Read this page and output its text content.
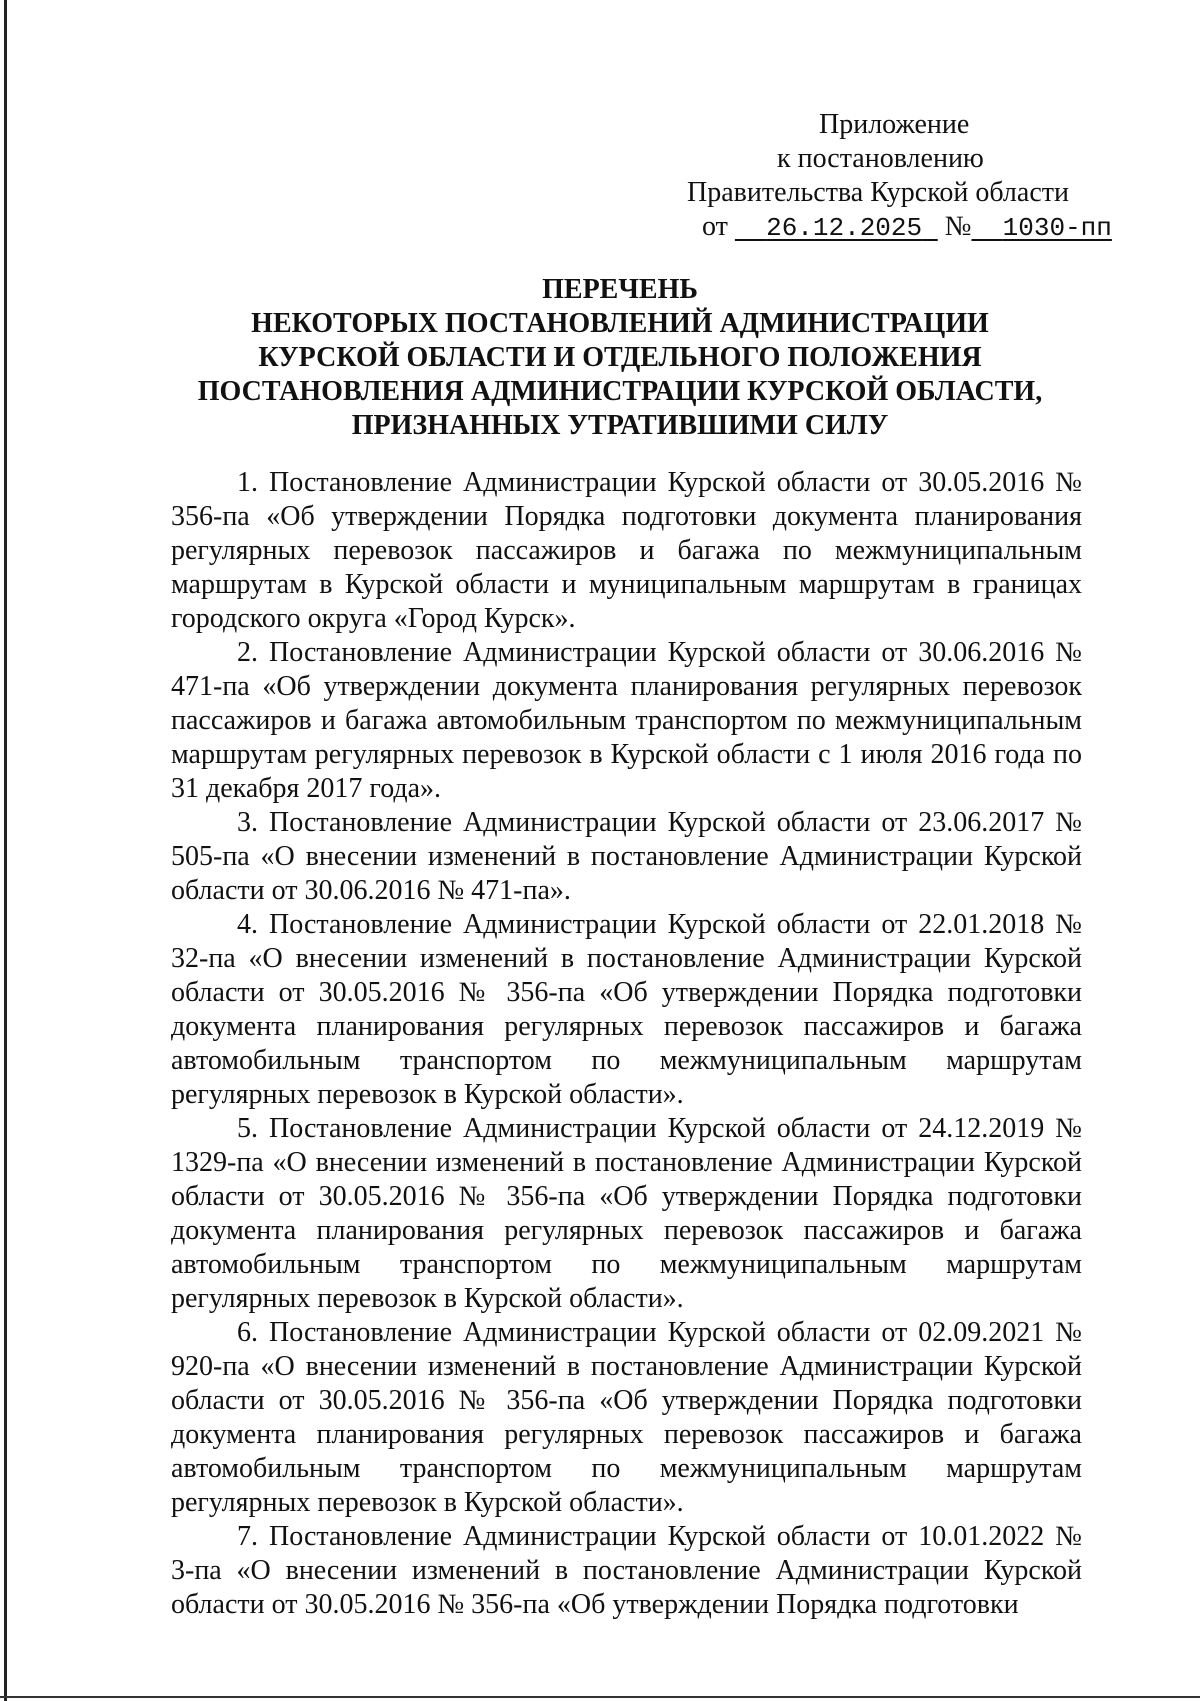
Приложение
к постановлению
Правительства Курской области
от 26.12.2025 № 1030-пп
ПЕРЕЧЕНЬ
НЕКОТОРЫХ ПОСТАНОВЛЕНИЙ АДМИНИСТРАЦИИ
КУРСКОЙ ОБЛАСТИ И ОТДЕЛЬНОГО ПОЛОЖЕНИЯ
ПОСТАНОВЛЕНИЯ АДМИНИСТРАЦИИ КУРСКОЙ ОБЛАСТИ,
ПРИЗНАННЫХ УТРАТИВШИМИ СИЛУ

1. Постановление Администрации Курской области от 30.05.2016 № 356-па «Об утверждении Порядка подготовки документа планирования регулярных перевозок пассажиров и багажа по межмуниципальным маршрутам в Курской области и муниципальным маршрутам в границах городского округа «Город Курск».

2. Постановление Администрации Курской области от 30.06.2016 № 471-па «Об утверждении документа планирования регулярных перевозок пассажиров и багажа автомобильным транспортом по межмуниципальным маршрутам регулярных перевозок в Курской области с 1 июля 2016 года по 31 декабря 2017 года».

3. Постановление Администрации Курской области от 23.06.2017 № 505-па «О внесении изменений в постановление Администрации Курской области от 30.06.2016 № 471-па».

4. Постановление Администрации Курской области от 22.01.2018 № 32-па «О внесении изменений в постановление Администрации Курской области от 30.05.2016 № 356-па «Об утверждении Порядка подготовки документа планирования регулярных перевозок пассажиров и багажа автомобильным транспортом по межмуниципальным маршрутам регулярных перевозок в Курской области».

5. Постановление Администрации Курской области от 24.12.2019 № 1329-па «О внесении изменений в постановление Администрации Курской области от 30.05.2016 № 356-па «Об утверждении Порядка подготовки документа планирования регулярных перевозок пассажиров и багажа автомобильным транспортом по межмуниципальным маршрутам регулярных перевозок в Курской области».

6. Постановление Администрации Курской области от 02.09.2021 № 920-па «О внесении изменений в постановление Администрации Курской области от 30.05.2016 № 356-па «Об утверждении Порядка подготовки документа планирования регулярных перевозок пассажиров и багажа автомобильным транспортом по межмуниципальным маршрутам регулярных перевозок в Курской области».

7. Постановление Администрации Курской области от 10.01.2022 № 3-па «О внесении изменений в постановление Администрации Курской области от 30.05.2016 № 356-па «Об утверждении Порядка подготовки
